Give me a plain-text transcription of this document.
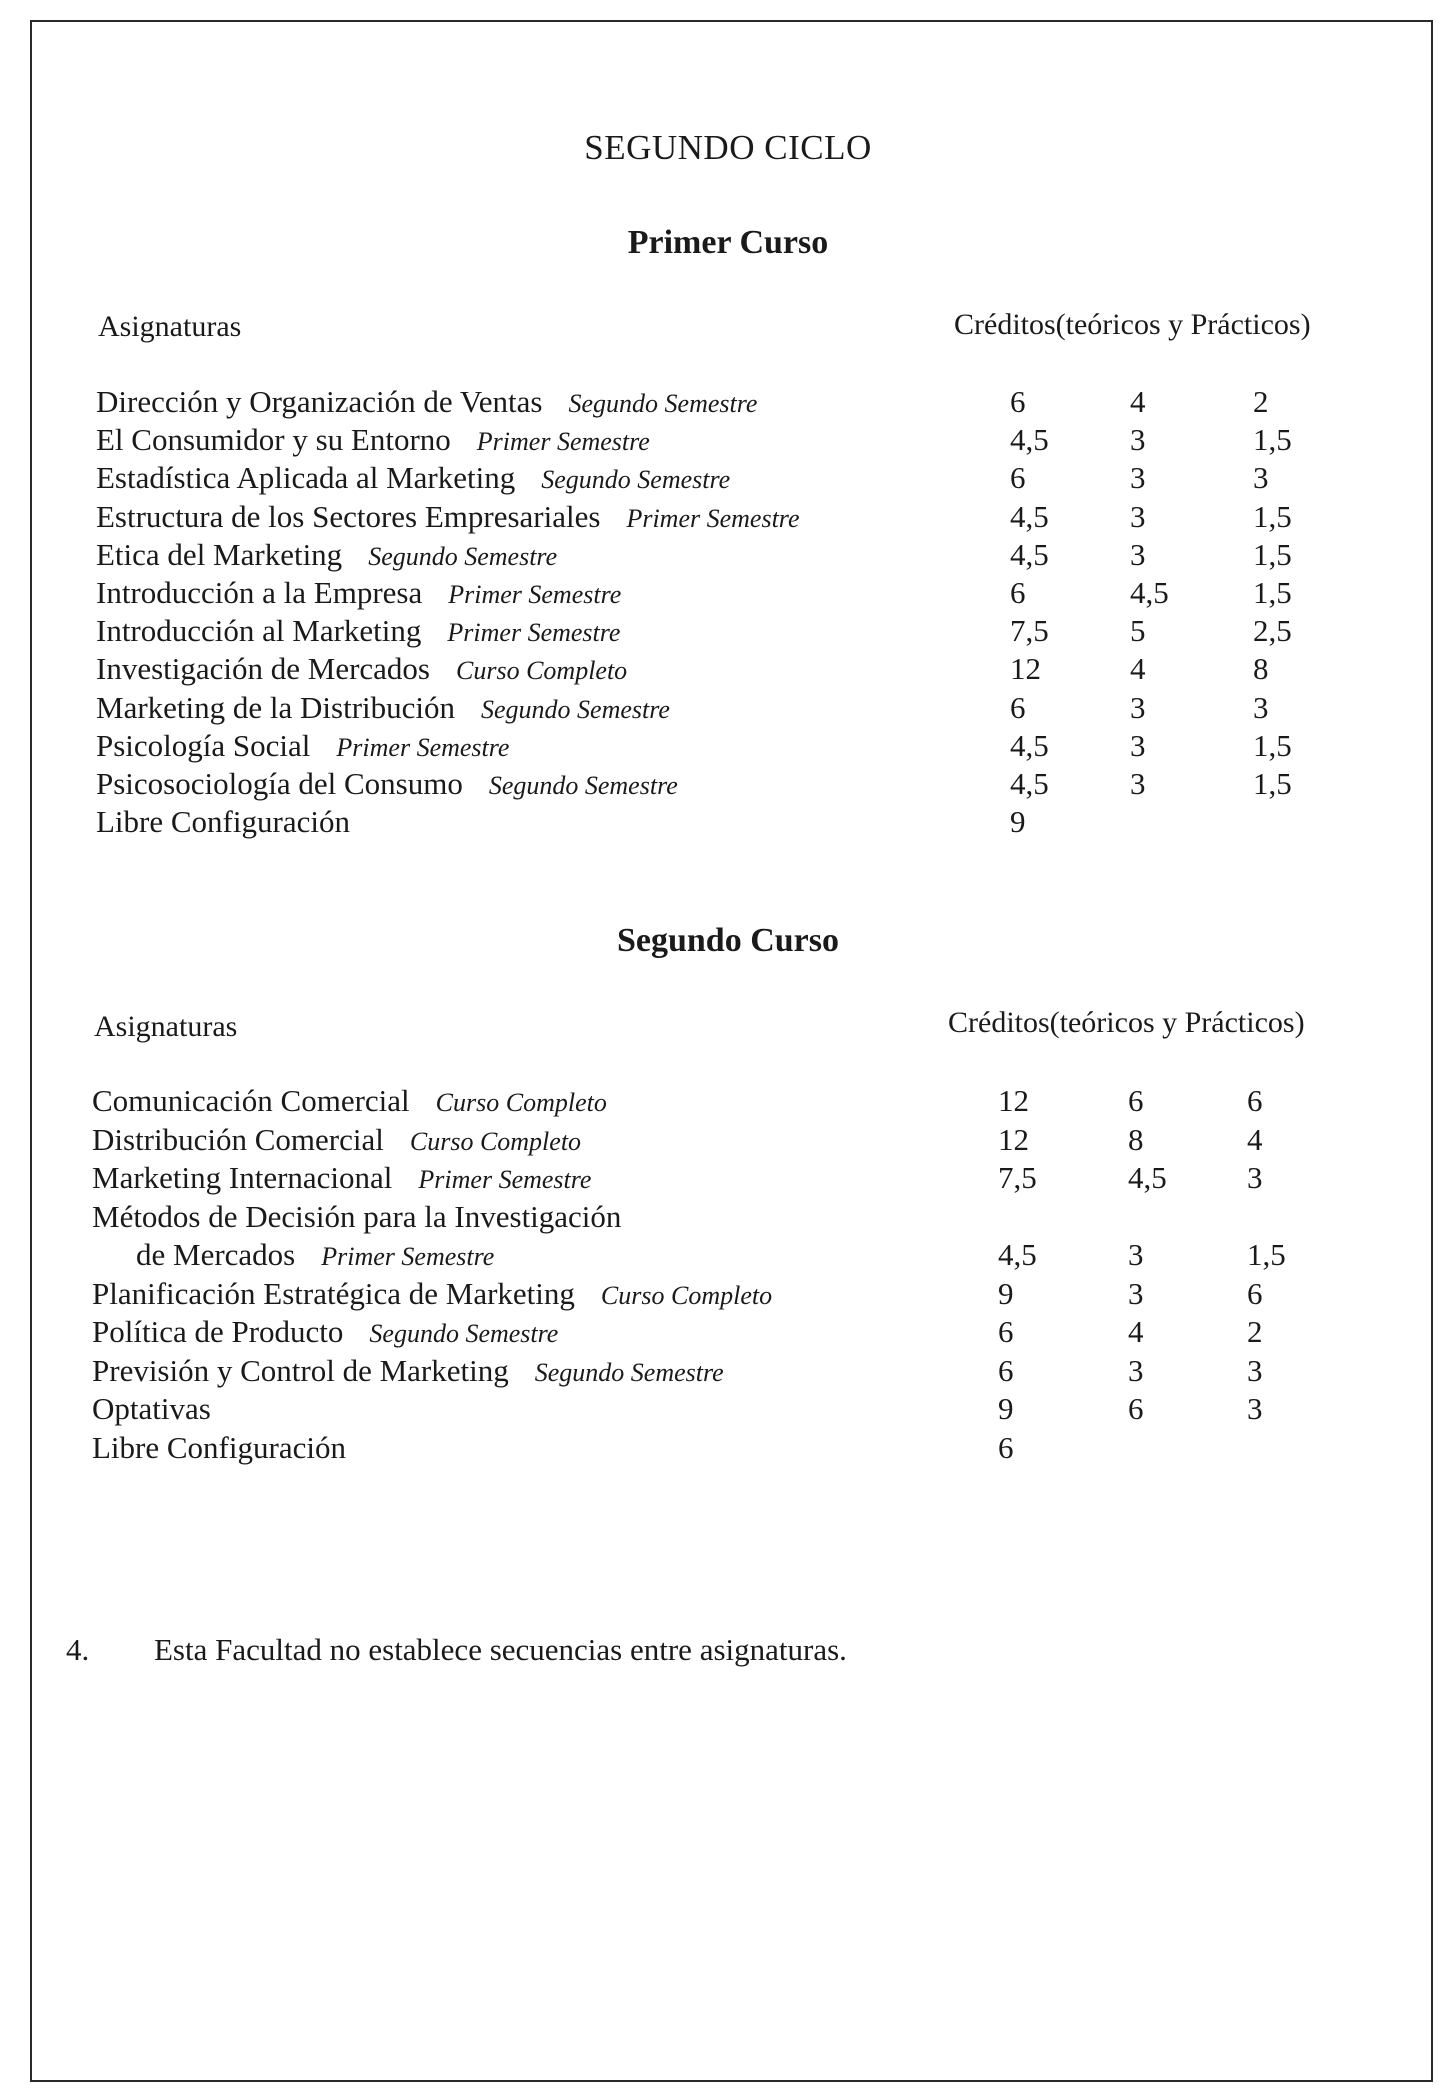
SEGUNDO CICLO
Primer Curso
Asignaturas	Créditos(teóricos y Prácticos)
Dirección y Organización de Ventas Segundo Semestre	6	4	2
El Consumidor y su Entorno Primer Semestre	4,5	3	1,5
Estadística Aplicada al Marketing Segundo Semestre	6	3	3
Estructura de los Sectores Empresariales Primer Semestre	4,5	3	1,5
Etica del Marketing Segundo Semestre	4,5	3	1,5
Introducción a la Empresa Primer Semestre	6	4,5	1,5
Introducción al Marketing Primer Semestre	7,5	5	2,5
Investigación de Mercados Curso Completo	12	4	8
Marketing de la Distribución Segundo Semestre	6	3	3
Psicología Social Primer Semestre	4,5	3	1,5
Psicosociología del Consumo Segundo Semestre	4,5	3	1,5
Libre Configuración	9
Segundo Curso
Asignaturas	Créditos(teóricos y Prácticos)
Comunicación Comercial Curso Completo	12	6	6
Distribución Comercial Curso Completo	12	8	4
Marketing Internacional Primer Semestre	7,5	4,5	3
Métodos de Decisión para la Investigación
de Mercados Primer Semestre	4,5	3	1,5
Planificación Estratégica de Marketing Curso Completo	9	3	6
Política de Producto Segundo Semestre	6	4	2
Previsión y Control de Marketing Segundo Semestre	6	3	3
Optativas	9	6	3
Libre Configuración	6
4. Esta Facultad no establece secuencias entre asignaturas.
